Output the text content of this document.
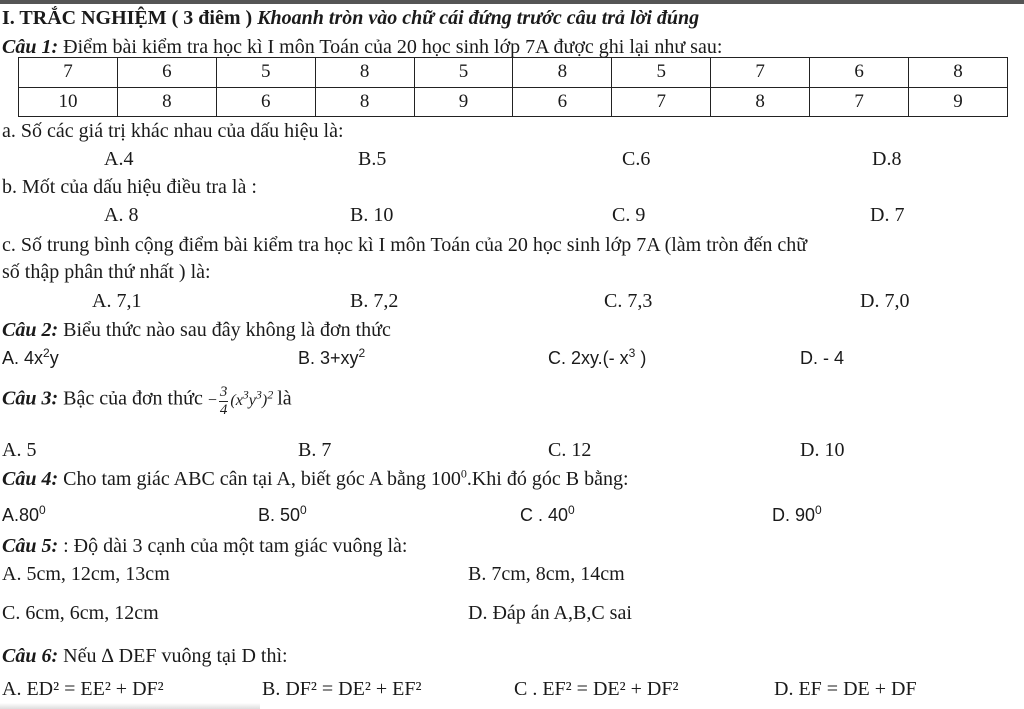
I. TRẮC NGHIỆM ( 3 điêm ) Khoanh tròn vào chữ cái đứng trước câu trả lời đúng
Câu 1: Điểm bài kiểm tra học kì I môn Toán của 20 học sinh lớp 7A được ghi lại như sau:
7	6	5	8	5	8	5	7	6	8
10	8	6	8	9	6	7	8	7	9
a. Số các giá trị khác nhau của dấu hiệu là:
A.4	B.5	C.6	D.8
b. Mốt của dấu hiệu điều tra là :
A. 8	B. 10	C. 9	D. 7
c. Số trung bình cộng điểm bài kiểm tra học kì I môn Toán của 20 học sinh lớp 7A (làm tròn đến chữ
số thập phân thứ nhất ) là:
A. 7,1	B. 7,2	C. 7,3	D. 7,0
Câu 2: Biểu thức nào sau đây không là đơn thức
A. $4x^2y$	B. $3+xy^2$	C. 2xy.(- $x^3$ )	D. - 4
Câu 3: Bậc của đơn thức − $\frac{3}{4} (x^3y^3)^2$ là
A. 5	B. 7	C. 12	D. 10
Câu 4: Cho tam giác ABC cân tại A, biết góc A bằng $100^0.Khi$ đó góc B bằng:
$A.80^0$	B. $50^0$	C . $40^0$	D. $90^0$
Câu 5: : Độ dài 3 cạnh của một tam giác vuông là:
A. 5cm, 12cm, 13cm	B. 7cm, 8cm, 14cm
C. 6cm, 6cm, 12cm	D. Đáp án A,B,C sai
Câu 6: Nếu ∆ DEF vuông tại D thì:
A. ED² = EE² + DF²	B. DF² = DE² + EF²	C . EF² = DE² + DF²	D. EF = DE + DF
